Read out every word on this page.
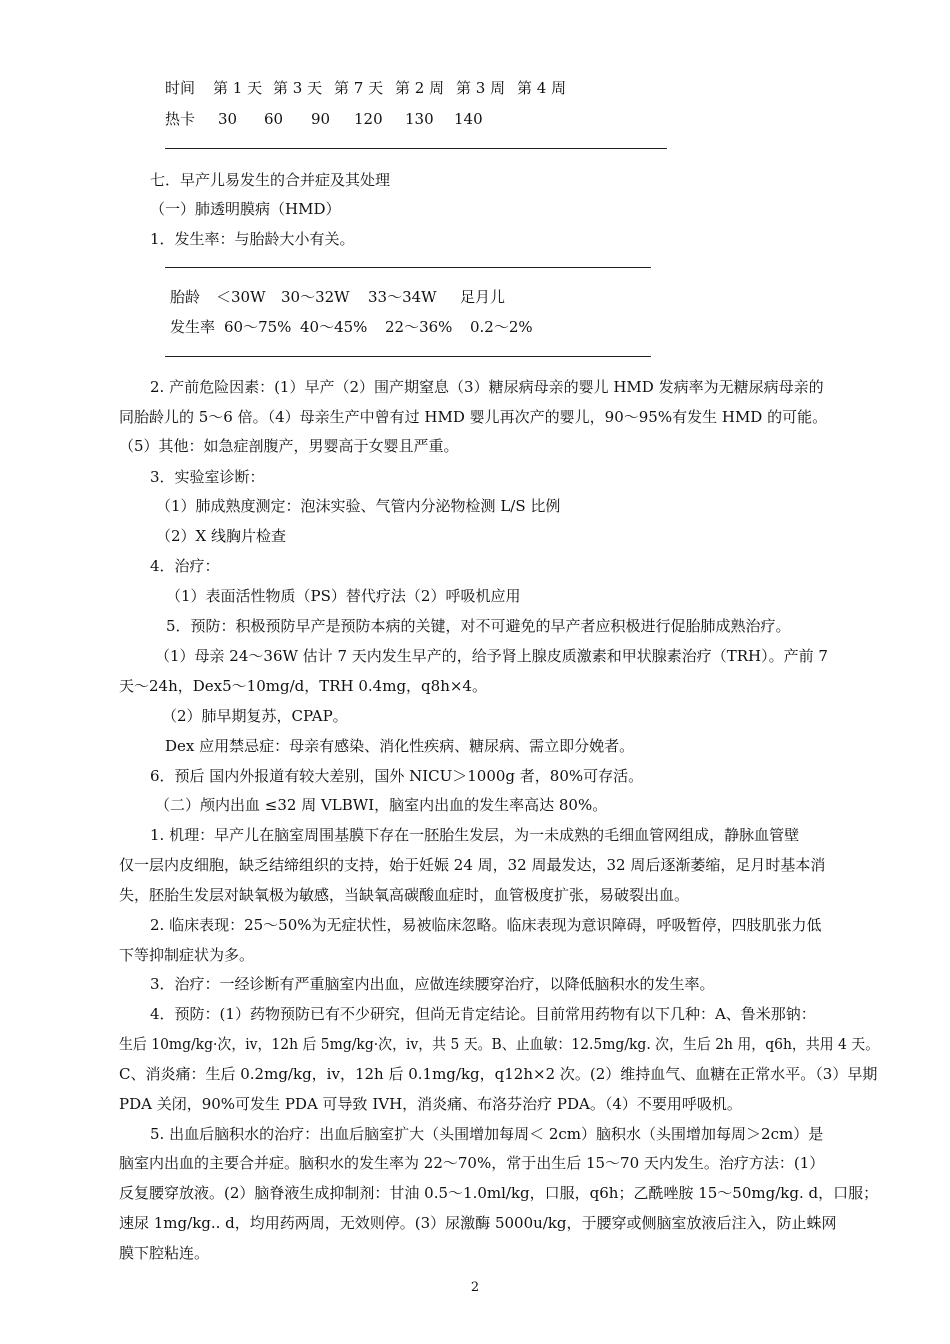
时间 第 1 天 第 3 天 第 7 天 第 2 周 第 3 周 第 4 周
热卡 30 60 90 120 130 140
七．早产儿易发生的合并症及其处理
（一）肺透明膜病（HMD）
1．发生率：与胎龄大小有关。
胎龄 ＜30W 30～32W 33～34W 足月儿
发生率 60～75% 40～45% 22～36% 0.2～2%
2. 产前危险因素：(1）早产（2）围产期窒息（3）糖尿病母亲的婴儿 HMD 发病率为无糖尿病母亲的
同胎龄儿的 5～6 倍。（4）母亲生产中曾有过 HMD 婴儿再次产的婴儿，90～95%有发生 HMD 的可能。
（5）其他：如急症剖腹产，男婴高于女婴且严重。
3．实验室诊断：
（1）肺成熟度测定：泡沫实验、气管内分泌物检测 L/S 比例
（2）X 线胸片检查
4．治疗：
（1）表面活性物质（PS）替代疗法（2）呼吸机应用
5．预防：积极预防早产是预防本病的关键，对不可避免的早产者应积极进行促胎肺成熟治疗。
（1）母亲 24～36W 估计 7 天内发生早产的，给予肾上腺皮质激素和甲状腺素治疗（TRH）。产前 7
天～24h，Dex5～10mg/d，TRH 0.4mg，q8h×4。
（2）肺早期复苏，CPAP。
Dex 应用禁忌症：母亲有感染、消化性疾病、糖尿病、需立即分娩者。
6．预后 国内外报道有较大差别，国外 NICU＞1000g 者，80%可存活。
（二）颅内出血 ≤32 周 VLBWI，脑室内出血的发生率高达 80%。
1. 机理：早产儿在脑室周围基膜下存在一胚胎生发层，为一未成熟的毛细血管网组成，静脉血管壁
仅一层内皮细胞，缺乏结缔组织的支持，始于妊娠 24 周，32 周最发达，32 周后逐渐萎缩，足月时基本消
失，胚胎生发层对缺氧极为敏感，当缺氧高碳酸血症时，血管极度扩张，易破裂出血。
2. 临床表现：25～50%为无症状性，易被临床忽略。临床表现为意识障碍，呼吸暂停，四肢肌张力低
下等抑制症状为多。
3．治疗：一经诊断有严重脑室内出血，应做连续腰穿治疗，以降低脑积水的发生率。
4．预防：(1）药物预防已有不少研究，但尚无肯定结论。目前常用药物有以下几种：A、鲁米那钠：
生后 10mg/kg·次，iv，12h 后 5mg/kg·次，iv，共 5 天。B、止血敏：12.5mg/kg. 次，生后 2h 用，q6h，共用 4 天。
C、消炎痛：生后 0.2mg/kg，iv，12h 后 0.1mg/kg，q12h×2 次。(2）维持血气、血糖在正常水平。（3）早期
PDA 关闭，90%可发生 PDA 可导致 IVH，消炎痛、布洛芬治疗 PDA。（4）不要用呼吸机。
5. 出血后脑积水的治疗：出血后脑室扩大（头围增加每周＜ 2cm）脑积水（头围增加每周＞2cm）是
脑室内出血的主要合并症。脑积水的发生率为 22～70%，常于出生后 15～70 天内发生。治疗方法：(1）
反复腰穿放液。(2）脑脊液生成抑制剂：甘油 0.5～1.0ml/kg，口服，q6h；乙酰唑胺 15～50mg/kg. d，口服；
速尿 1mg/kg.. d，均用药两周，无效则停。(3）尿激酶 5000u/kg，于腰穿或侧脑室放液后注入，防止蛛网
膜下腔粘连。
2
